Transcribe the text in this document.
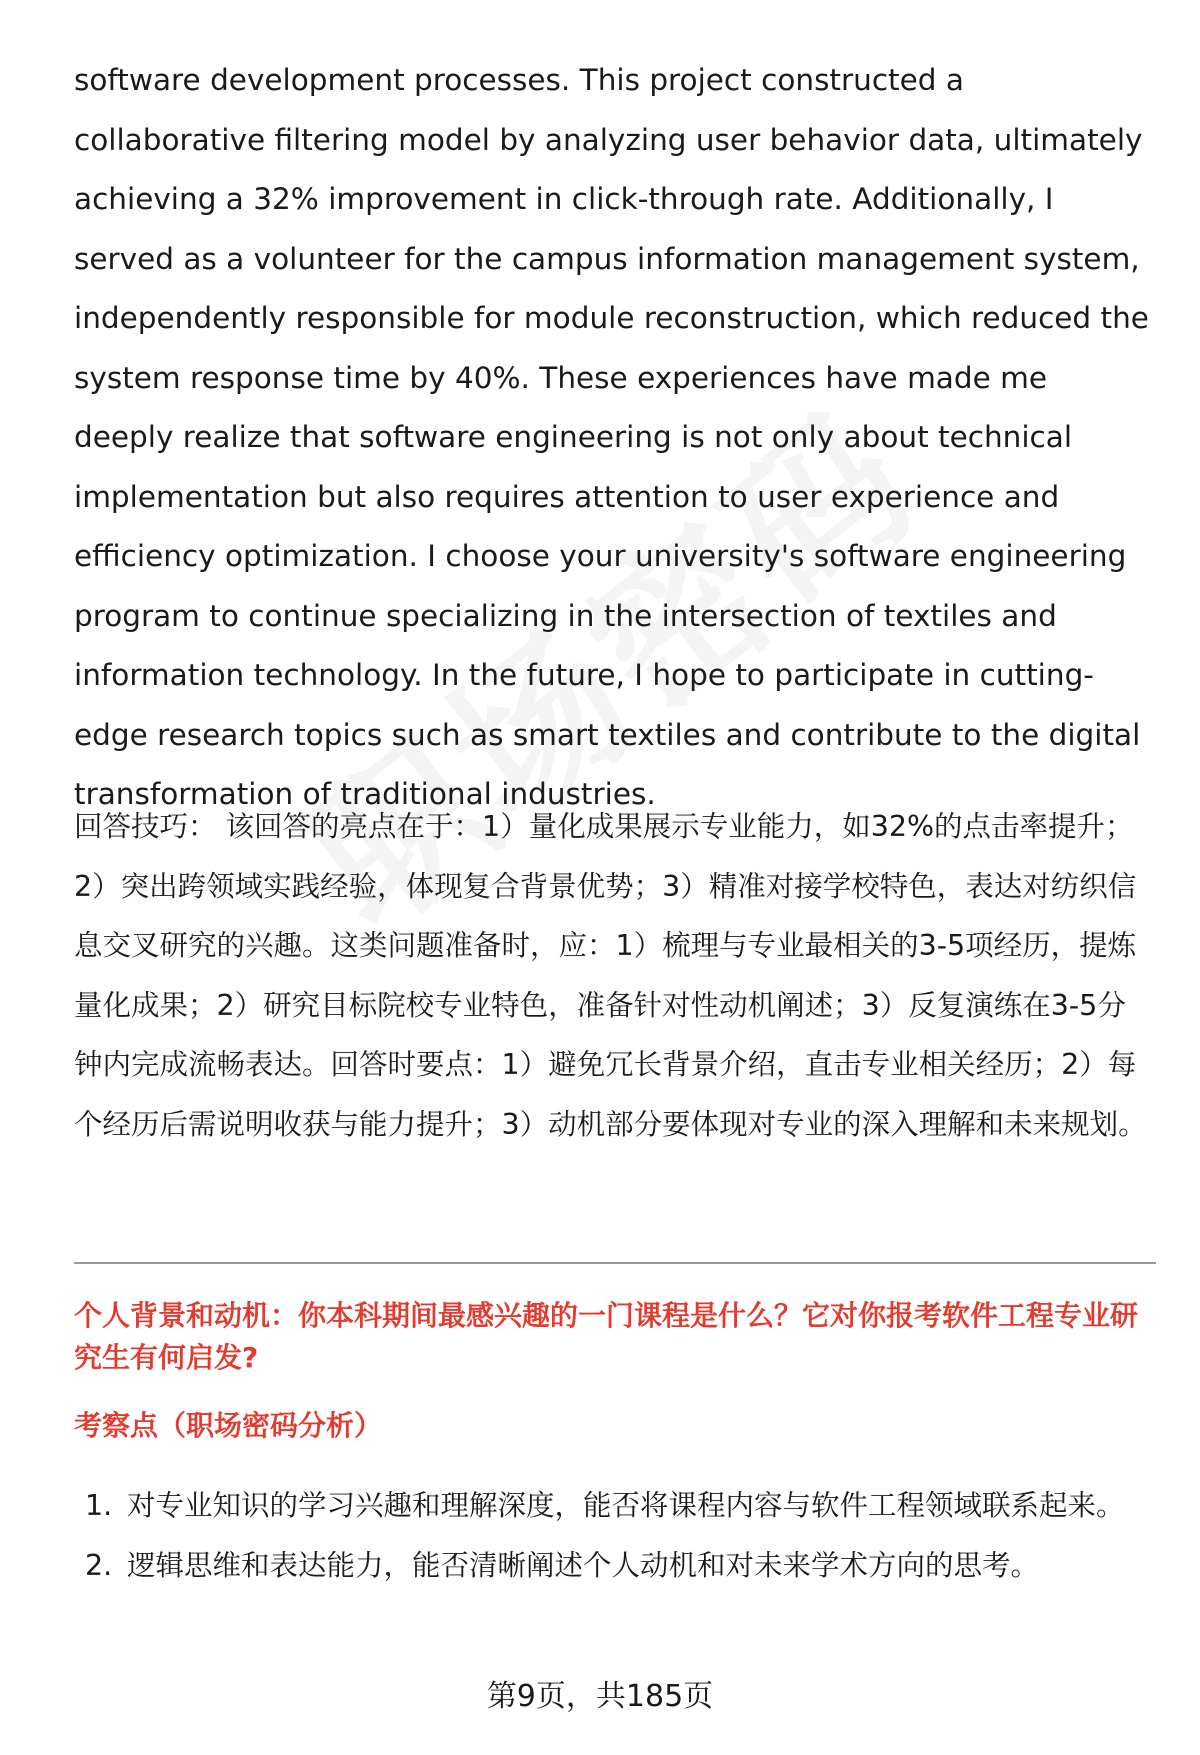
software development processes. This project constructed a collaborative filtering model by analyzing user behavior data, ultimately achieving a 32% improvement in click-through rate. Additionally, I served as a volunteer for the campus information management system, independently responsible for module reconstruction, which reduced the system response time by 40%. These experiences have made me deeply realize that software engineering is not only about technical implementation but also requires attention to user experience and efficiency optimization. I choose your university's software engineering program to continue specializing in the intersection of textiles and information technology. In the future, I hope to participate in cutting-edge research topics such as smart textiles and contribute to the digital transformation of traditional industries.

回答技巧： 该回答的亮点在于：1）量化成果展示专业能力，如32%的点击率提升；2）突出跨领域实践经验，体现复合背景优势；3）精准对接学校特色，表达对纺织信息交叉研究的兴趣。这类问题准备时，应：1）梳理与专业最相关的3-5项经历，提炼量化成果；2）研究目标院校专业特色，准备针对性动机阐述；3）反复演练在3-5分钟内完成流畅表达。回答时要点：1）避免冗长背景介绍，直击专业相关经历；2）每个经历后需说明收获与能力提升；3）动机部分要体现对专业的深入理解和未来规划。

个人背景和动机：你本科期间最感兴趣的一门课程是什么？它对你报考软件工程专业研究生有何启发?
考察点（职场密码分析）
1. 对专业知识的学习兴趣和理解深度，能否将课程内容与软件工程领域联系起来。
2. 逻辑思维和表达能力，能否清晰阐述个人动机和对未来学术方向的思考。
第9页，共185页
